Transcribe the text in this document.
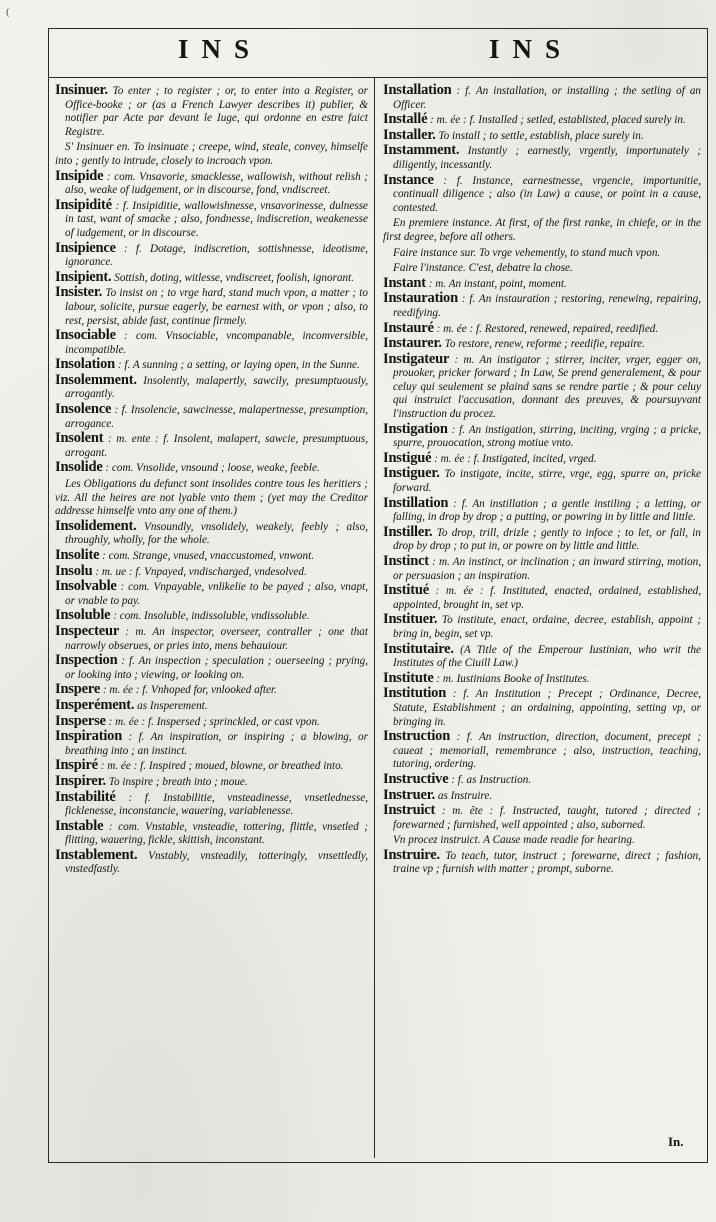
(
INS	INS

Insinuer. To enter ; to register ; or, to enter into a Register, or Office-booke ; or (as a French Lawyer describes it) publier, & notifier par Acte par devant le Iuge, qui ordonne en estre faict Registre.

S' Insinuer en. To insinuate ; creepe, wind, steale, convey, himselfe into ; gently to intrude, closely to incroach vpon.

Insipide : com. Vnsavorie, smacklesse, wallowish, without relish ; also, weake of iudgement, or in discourse, fond, vndiscreet.

Insipidité : f. Insipiditie, wallowishnesse, vnsavorinesse, dulnesse in tast, want of smacke ; also, fondnesse, indiscretion, weakenesse of iudgement, or in discourse.

Insipience : f. Dotage, indiscretion, sottishnesse, ideotisme, ignorance.

Insipient. Sottish, doting, witlesse, vndiscreet, foolish, ignorant.

Insister. To insist on ; to vrge hard, stand much vpon, a matter ; to labour, solicite, pursue eagerly, be earnest with, or vpon ; also, to rest, persist, abide fast, continue firmely.

Insociable : com. Vnsociable, vncompanable, incomversible, incompatible.

Insolation : f. A sunning ; a setting, or laying open, in the Sunne.

Insolemment. Insolently, malapertly, sawcily, presumptuously, arrogantly.

Insolence : f. Insolencie, sawcinesse, malapertnesse, presumption, arrogance.

Insolent : m. ente : f. Insolent, malapert, sawcie, presumptuous, arrogant.

Insolide : com. Vnsolide, vnsound ; loose, weake, feeble.

Les Obligations du defunct sont insolides contre tous les heritiers ; viz. All the heires are not lyable vnto them ; (yet may the Creditor addresse himselfe vnto any one of them.)

Insolidement. Vnsoundly, vnsolidely, weakely, feebly ; also, throughly, wholly, for the whole.

Insolite : com. Strange, vnused, vnaccustomed, vnwont.

Insolu : m. ue : f. Vnpayed, vndischarged, vndesolved.

Insolvable : com. Vnpayable, vnlikelie to be payed ; also, vnapt, or vnable to pay.

Insoluble : com. Insoluble, indissoluble, vndissoluble.

Inspecteur : m. An inspector, overseer, contraller ; one that narrowly obserues, or pries into, mens behauiour.

Inspection : f. An inspection ; speculation ; ouerseeing ; prying, or looking into ; viewing, or looking on.

Inspere : m. ée : f. Vnhoped for, vnlooked after.

Insperément. as Insperement.

Insperse : m. ée : f. Inspersed ; sprinckled, or cast vpon.

Inspiration : f. An inspiration, or inspiring ; a blowing, or breathing into ; an instinct.

Inspiré : m. ée : f. Inspired ; moued, blowne, or breathed into.

Inspirer. To inspire ; breath into ; moue.

Instabilité : f. Instabilitie, vnsteadinesse, vnsetlednesse, ficklenesse, inconstancie, wauering, variablenesse.

Instable : com. Vnstable, vnsteadie, tottering, flittle, vnsetled ; flitting, wauering, fickle, skittish, inconstant.

Instablement. Vnstably, vnsteadily, totteringly, vnsettledly, vnstedfastly.

Installation : f. An installation, or installing ; the setling of an Officer.

Installé : m. ée : f. Installed ; setled, establisted, placed surely in.

Installer. To install ; to settle, establish, place surely in.

Instamment. Instantly ; earnestly, vrgently, importunately ; diligently, incessantly.

Instance : f. Instance, earnestnesse, vrgencie, importunitie, continuall diligence ; also (in Law) a cause, or point in a cause, contested.

En premiere instance. At first, of the first ranke, in chiefe, or in the first degree, before all others.

Faire instance sur. To vrge vehemently, to stand much vpon.

Faire l'instance. C'est, debatre la chose.

Instant : m. An instant, point, moment.

Instauration : f. An instauration ; restoring, renewing, repairing, reedifying.

Instauré : m. ée : f. Restored, renewed, repaired, reedified.

Instaurer. To restore, renew, reforme ; reedifie, repaire.

Instigateur : m. An instigator ; stirrer, inciter, vrger, egger on, prouoker, pricker forward ; In Law, Se prend generalement, & pour celuy qui seulement se plaind sans se rendre partie ; & pour celuy qui instruict l'accusation, donnant des preuves, & poursuyvant l'instruction du procez.

Instigation : f. An instigation, stirring, inciting, vrging ; a pricke, spurre, prouocation, strong motiue vnto.

Instigué : m. ée : f. Instigated, incited, vrged.

Instiguer. To instigate, incite, stirre, vrge, egg, spurre on, pricke forward.

Instillation : f. An instillation ; a gentle instiling ; a letting, or falling, in drop by drop ; a putting, or powring in by little and little.

Instiller. To drop, trill, drizle ; gently to infoce ; to let, or fall, in drop by drop ; to put in, or powre on by little and little.

Instinct : m. An instinct, or inclination ; an inward stirring, motion, or persuasion ; an inspiration.

Institué : m. ée : f. Instituted, enacted, ordained, established, appointed, brought in, set vp.

Instituer. To institute, enact, ordaine, decree, establish, appoint ; bring in, begin, set vp.

Institutaire. (A Title of the Emperour Iustinian, who writ the Institutes of the Ciuill Law.)

Institute : m. Iustinians Booke of Institutes.

Institution : f. An Institution ; Precept ; Ordinance, Decree, Statute, Establishment ; an ordaining, appointing, setting vp, or bringing in.

Instruction : f. An instruction, direction, document, precept ; caueat ; memoriall, remembrance ; also, instruction, teaching, tutoring, ordering.

Instructive : f. as Instruction.

Instruer. as Instruire.

Instruict : m. ête : f. Instructed, taught, tutored ; directed ; forewarned ; furnished, well appointed ; also, suborned.

Vn procez instruict. A Cause made readie for hearing.

Instruire. To teach, tutor, instruct ; forewarne, direct ; fashion, traine vp ; furnish with matter ; prompt, suborne.

In.
